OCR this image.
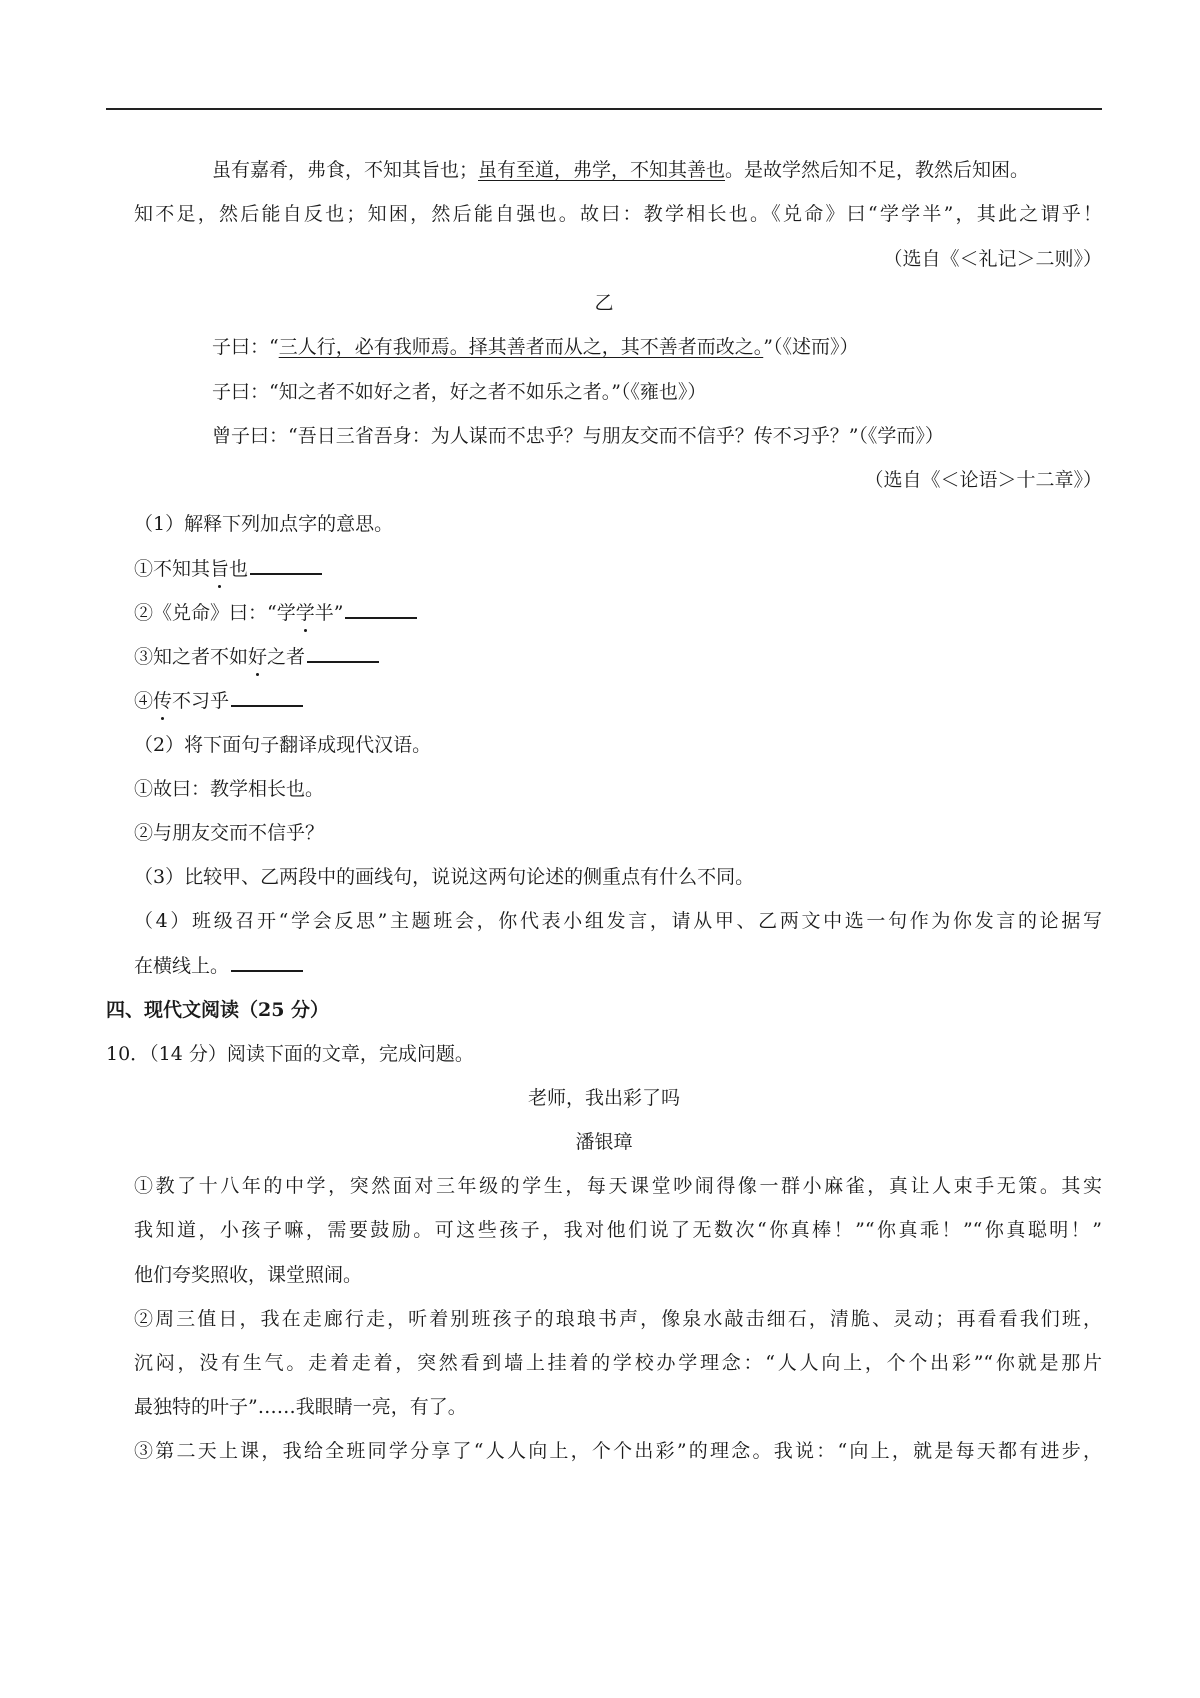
虽有嘉肴，弗食，不知其旨也；虽有至道，弗学，不知其善也。是故学然后知不足，教然后知困。
知不足，然后能自反也；知困，然后能自强也。故曰：教学相长也。《兑命》曰“学学半”，其此之谓乎！
（选自《＜礼记＞二则》）
乙
子曰：“三人行，必有我师焉。择其善者而从之，其不善者而改之。”（《述而》）
子曰：“知之者不如好之者，好之者不如乐之者。”（《雍也》）
曾子曰：“吾日三省吾身：为人谋而不忠乎？与朋友交而不信乎？传不习乎？”（《学而》）
（选自《＜论语＞十二章》）
（1）解释下列加点字的意思。
①不知其旨也
②《兑命》曰：“学学半”
③知之者不如好之者
④传不习乎
（2）将下面句子翻译成现代汉语。
①故曰：教学相长也。
②与朋友交而不信乎？
（3）比较甲、乙两段中的画线句，说说这两句论述的侧重点有什么不同。
（4）班级召开“学会反思”主题班会，你代表小组发言，请从甲、乙两文中选一句作为你发言的论据写
在横线上。
四、现代文阅读（25 分）
10．（14 分）阅读下面的文章，完成问题。
老师，我出彩了吗
潘银璋
①教了十八年的中学，突然面对三年级的学生，每天课堂吵闹得像一群小麻雀，真让人束手无策。其实
我知道，小孩子嘛，需要鼓励。可这些孩子，我对他们说了无数次“你真棒！”“你真乖！”“你真聪明！”
他们夸奖照收，课堂照闹。
②周三值日，我在走廊行走，听着别班孩子的琅琅书声，像泉水敲击细石，清脆、灵动；再看看我们班，
沉闷，没有生气。走着走着，突然看到墙上挂着的学校办学理念：“人人向上，个个出彩”“你就是那片
最独特的叶子”……我眼睛一亮，有了。
③第二天上课，我给全班同学分享了“人人向上，个个出彩”的理念。我说：“向上，就是每天都有进步，
